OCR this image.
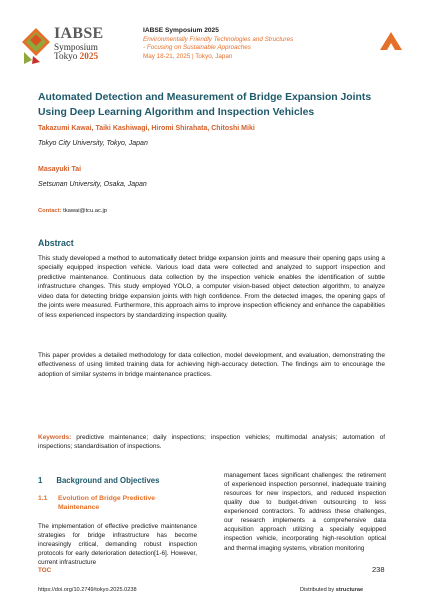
IABSE
Symposium
Tokyo 2025
IABSE Symposium 2025
Environmentally Friendly Technologies and Structures
- Focusing on Sustainable Approaches
May 18-21, 2025 | Tokyo, Japan
Automated Detection and Measurement of Bridge Expansion Joints Using Deep Learning Algorithm and Inspection Vehicles
Takazumi Kawai, Taiki Kashiwagi, Hiromi Shirahata, Chitoshi Miki
Tokyo City University, Tokyo, Japan
Masayuki Tai
Setsunan University, Osaka, Japan
Contact: tkawai@tcu.ac.jp
Abstract
This study developed a method to automatically detect bridge expansion joints and measure their opening gaps using a specially equipped inspection vehicle. Various load data were collected and analyzed to support inspection and predictive maintenance. Continuous data collection by the inspection vehicle enables the identification of subtle infrastructure changes. This study employed YOLO, a computer vision-based object detection algorithm, to analyze video data for detecting bridge expansion joints with high confidence. From the detected images, the opening gaps of the joints were measured. Furthermore, this approach aims to improve inspection efficiency and enhance the capabilities of less experienced inspectors by standardizing inspection quality.
This paper provides a detailed methodology for data collection, model development, and evaluation, demonstrating the effectiveness of using limited training data for achieving high-accuracy detection. The findings aim to encourage the adoption of similar systems in bridge maintenance practices.
Keywords: predictive maintenance; daily inspections; inspection vehicles; multimodal analysis; automation of inspections; standardisation of inspections.
1 Background and Objectives
1.1 Evolution of Bridge Predictive
Maintenance
The implementation of effective predictive maintenance strategies for bridge infrastructure has become increasingly critical, demanding robust inspection protocols for early deterioration detection[1-6]. However, current infrastructure
management faces significant challenges: the retirement of experienced inspection personnel, inadequate training resources for new inspectors, and reduced inspection quality due to budget-driven outsourcing to less experienced contractors. To address these challenges, our research implements a comprehensive data acquisition approach utilizing a specially equipped inspection vehicle, incorporating high-resolution optical and thermal imaging systems, vibration monitoring
TOC	238
https://doi.org/10.2749/tokyo.2025.0238	Distributed by structurae
